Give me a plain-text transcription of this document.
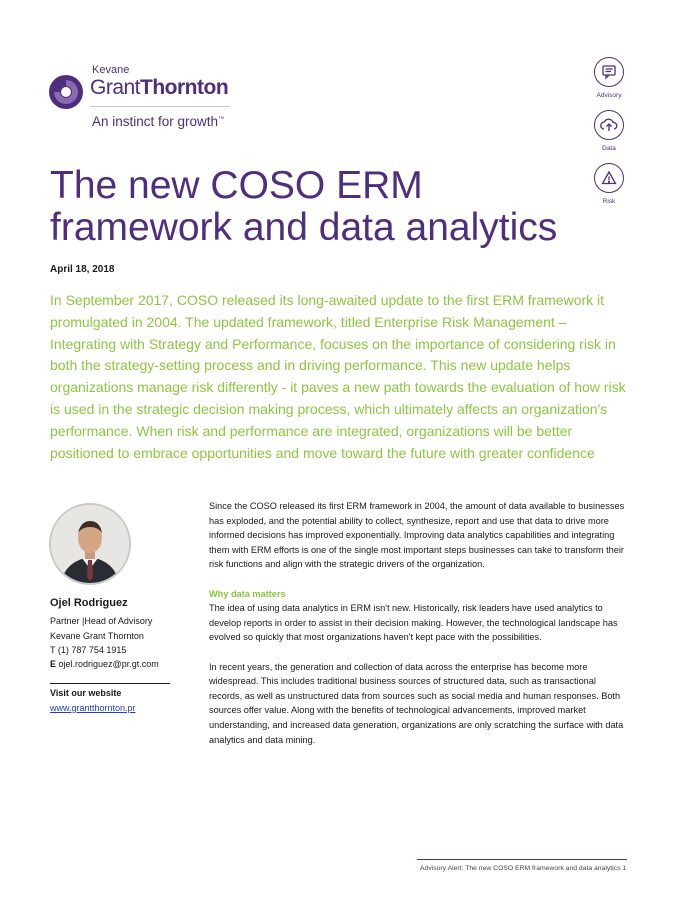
Kevane
GrantThornton
An instinct for growth™
Advisory
Data
Risk
The new COSO ERM
framework and data analytics
April 18, 2018
In September 2017, COSO released its long-awaited update to the first ERM framework it promulgated in 2004. The updated framework, titled Enterprise Risk Management – Integrating with Strategy and Performance, focuses on the importance of considering risk in both the strategy-setting process and in driving performance. This new update helps organizations manage risk differently - it paves a new path towards the evaluation of how risk is used in the strategic decision making process, which ultimately affects an organization's performance. When risk and performance are integrated, organizations will be better positioned to embrace opportunities and move toward the future with greater confidence
Ojel Rodriguez
Partner |Head of Advisory
Kevane Grant Thornton
T (1) 787 754 1915
E ojel.rodriguez@pr.gt.com
Visit our website
www.grantthornton.pr

Since the COSO released its first ERM framework in 2004, the amount of data available to businesses has exploded, and the potential ability to collect, synthesize, report and use that data to drive more informed decisions has improved exponentially. Improving data analytics capabilities and integrating them with ERM efforts is one of the single most important steps businesses can take to transform their risk functions and align with the strategic drivers of the organization.

Why data matters

The idea of using data analytics in ERM isn't new. Historically, risk leaders have used analytics to develop reports in order to assist in their decision making. However, the technological landscape has evolved so quickly that most organizations haven't kept pace with the possibilities.

In recent years, the generation and collection of data across the enterprise has become more widespread. This includes traditional business sources of structured data, such as transactional records, as well as unstructured data from sources such as social media and human responses. Both sources offer value. Along with the benefits of technological advancements, improved market understanding, and increased data generation, organizations are only scratching the surface with data analytics and data mining.

Advisory Alert: The new COSO ERM framework and data analytics 1
